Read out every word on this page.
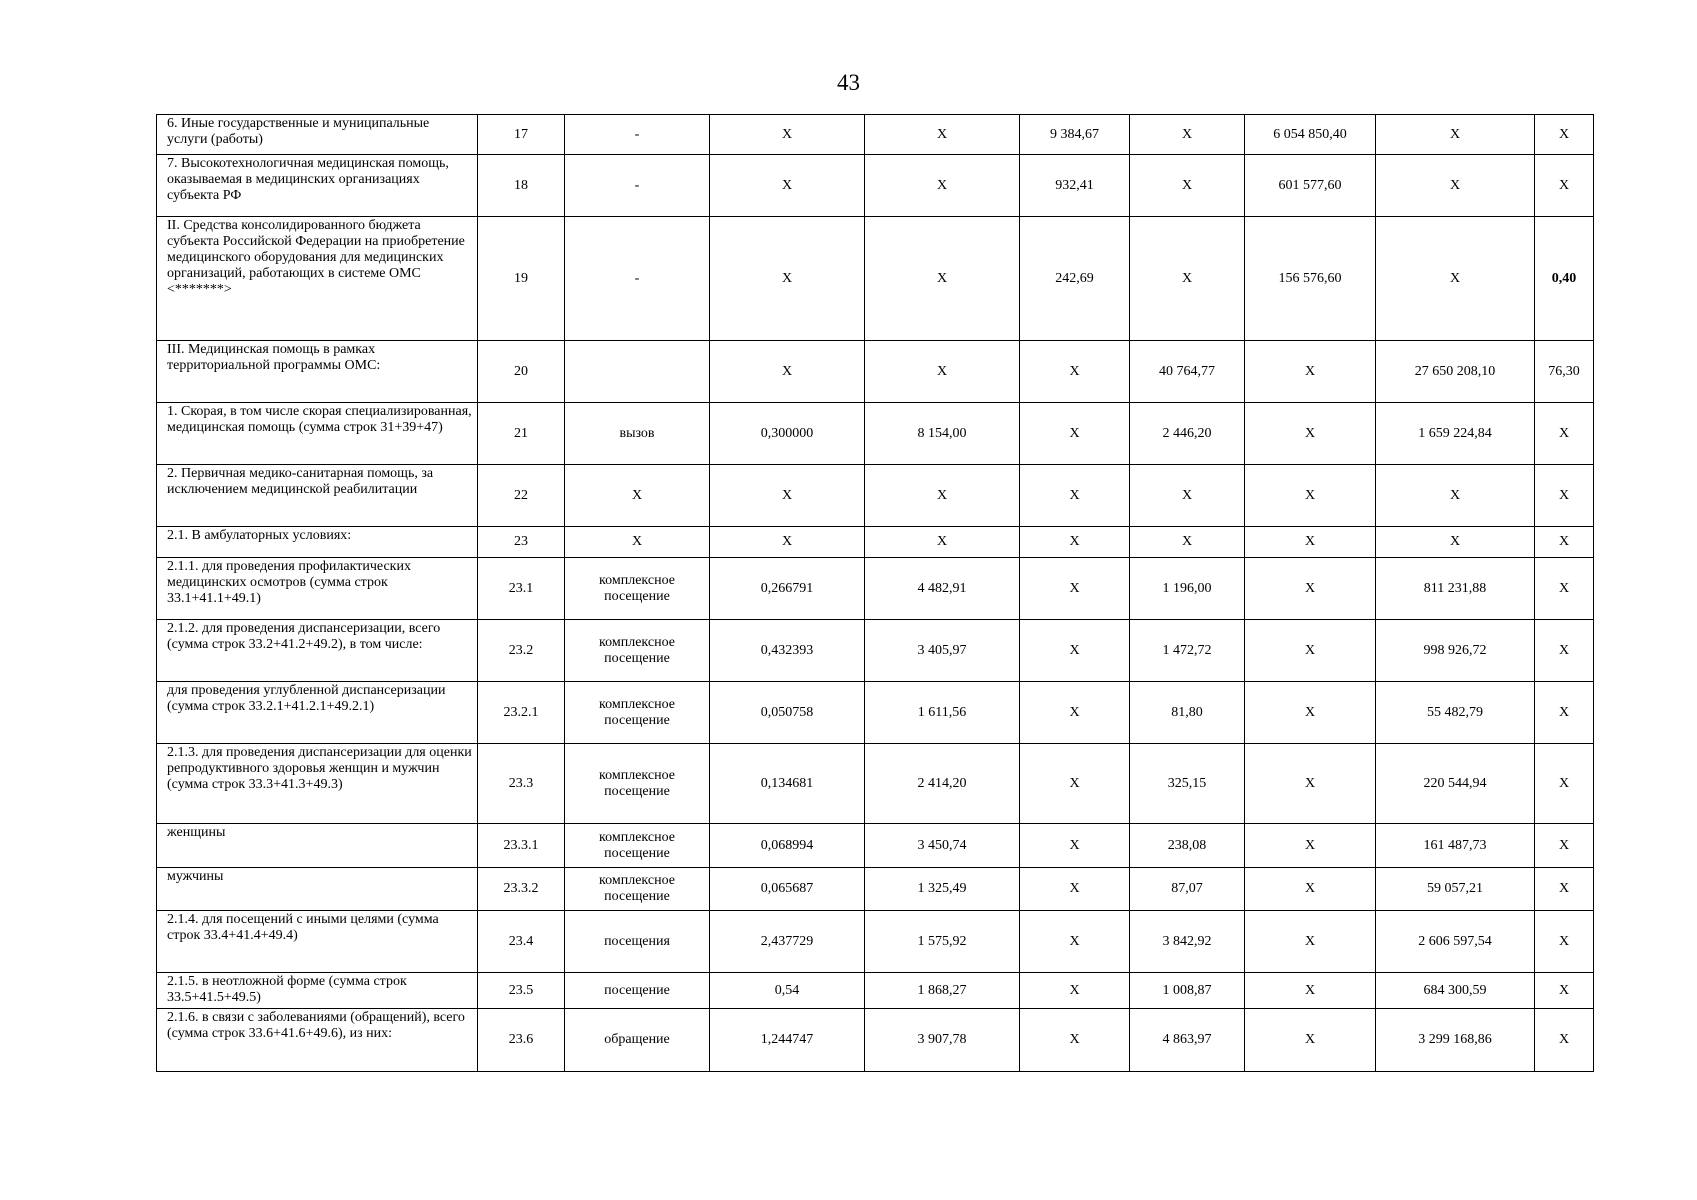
43
6. Иные государственные и муниципальные услуги (работы)	17	-	X	X	9 384,67	X	6 054 850,40	X	X
7. Высокотехнологичная медицинская помощь, оказываемая в медицинских организациях субъекта РФ	18	-	X	X	932,41	X	601 577,60	X	X
II. Средства консолидированного бюджета субъекта Российской Федерации на приобретение медицинского оборудования для медицинских организаций, работающих в системе ОМС <*******>	19	-	X	X	242,69	X	156 576,60	X	0,40
III. Медицинская помощь в рамках территориальной программы ОМС:	20		X	X	X	40 764,77	X	27 650 208,10	76,30
1. Скорая, в том числе скорая специализированная, медицинская помощь (сумма строк 31+39+47)	21	вызов	0,300000	8 154,00	X	2 446,20	X	1 659 224,84	X
2. Первичная медико-санитарная помощь, за исключением медицинской реабилитации	22	X	X	X	X	X	X	X	X
2.1. В амбулаторных условиях:	23	X	X	X	X	X	X	X	X
2.1.1. для проведения профилактических медицинских осмотров (сумма строк 33.1+41.1+49.1)	23.1	комплексное посещение	0,266791	4 482,91	X	1 196,00	X	811 231,88	X
2.1.2. для проведения диспансеризации, всего (сумма строк 33.2+41.2+49.2), в том числе:	23.2	комплексное посещение	0,432393	3 405,97	X	1 472,72	X	998 926,72	X
для проведения углубленной диспансеризации (сумма строк 33.2.1+41.2.1+49.2.1)	23.2.1	комплексное посещение	0,050758	1 611,56	X	81,80	X	55 482,79	X
2.1.3. для проведения диспансеризации для оценки репродуктивного здоровья женщин и мужчин (сумма строк 33.3+41.3+49.3)	23.3	комплексное посещение	0,134681	2 414,20	X	325,15	X	220 544,94	X
женщины	23.3.1	комплексное посещение	0,068994	3 450,74	X	238,08	X	161 487,73	X
мужчины	23.3.2	комплексное посещение	0,065687	1 325,49	X	87,07	X	59 057,21	X
2.1.4. для посещений с иными целями (сумма строк 33.4+41.4+49.4)	23.4	посещения	2,437729	1 575,92	X	3 842,92	X	2 606 597,54	X
2.1.5. в неотложной форме (сумма строк 33.5+41.5+49.5)	23.5	посещение	0,54	1 868,27	X	1 008,87	X	684 300,59	X
2.1.6. в связи с заболеваниями (обращений), всего (сумма строк 33.6+41.6+49.6), из них:	23.6	обращение	1,244747	3 907,78	X	4 863,97	X	3 299 168,86	X
